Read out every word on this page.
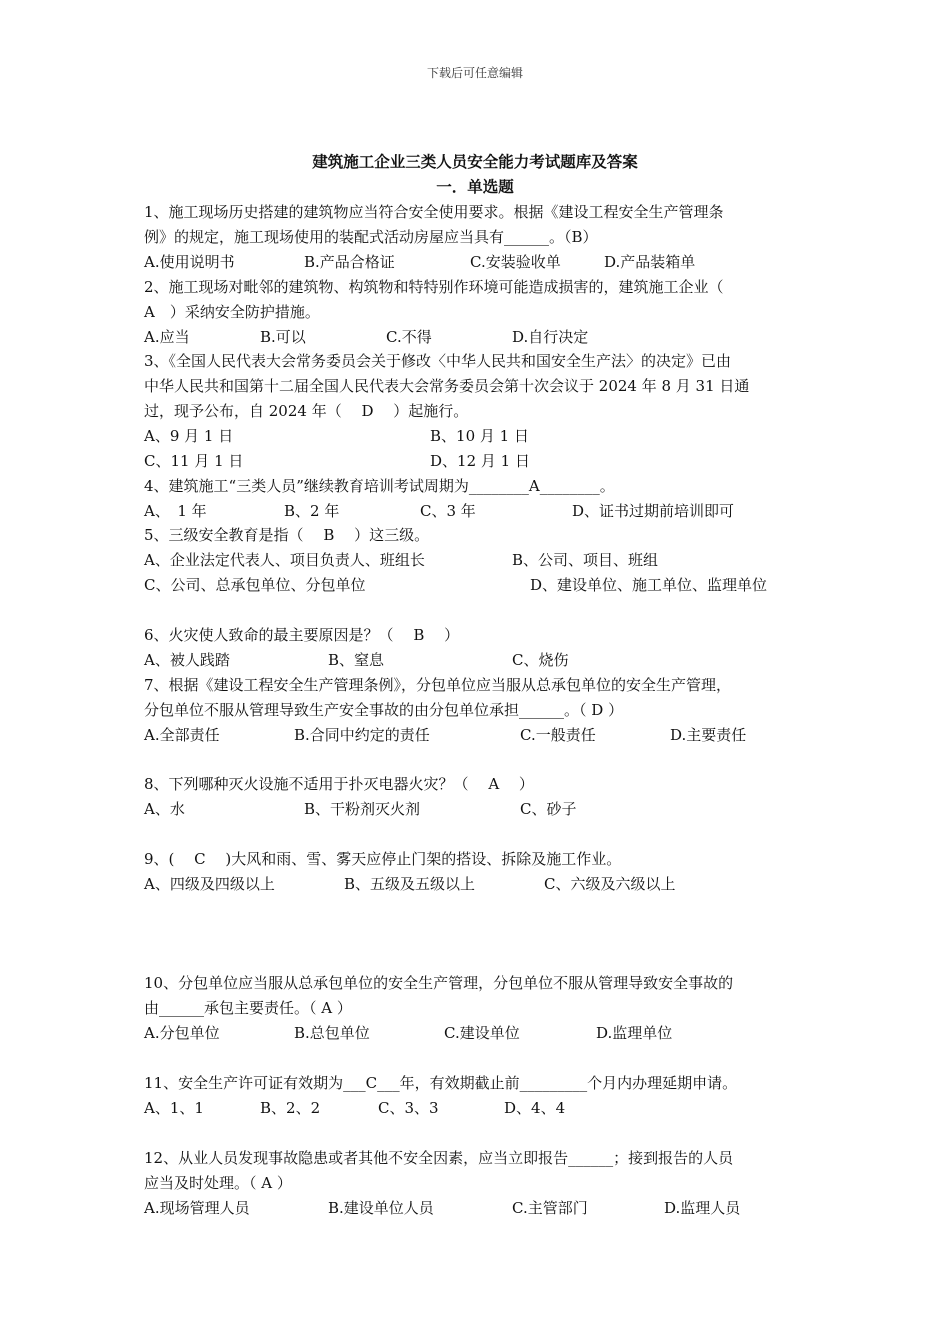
下载后可任意编辑
建筑施工企业三类人员安全能力考试题库及答案
一．单选题
1、施工现场历史搭建的建筑物应当符合安全使用要求。根据《建设工程安全生产管理条
例》的规定，施工现场使用的装配式活动房屋应当具有______。（B）
A.使用说明书	B.产品合格证	C.安装验收单	D.产品装箱单
2、施工现场对毗邻的建筑物、构筑物和特特别作环境可能造成损害的，建筑施工企业（
A　）采纳安全防护措施。
A.应当	B.可以	C.不得	D.自行决定
3、《全国人民代表大会常务委员会关于修改〈中华人民共和国安全生产法〉的决定》已由
中华人民共和国第十二届全国人民代表大会常务委员会第十次会议于 2024 年 8 月 31 日通
过，现予公布，自 2024 年（　 D　 ）起施行。
A、9 月 1 日	B、10 月 1 日
C、11 月 1 日	D、12 月 1 日
4、建筑施工“三类人员”继续教育培训考试周期为________A________。
A、　1 年	B、2 年	C、3 年	D、证书过期前培训即可
5、三级安全教育是指（　 B　 ）这三级。
A、企业法定代表人、项目负责人、班组长	B、公司、项目、班组
C、公司、总承包单位、分包单位	D、建设单位、施工单位、监理单位
6、火灾使人致命的最主要原因是？（　 B　 ）
A、被人践踏	B、窒息	C、烧伤
7、根据《建设工程安全生产管理条例》，分包单位应当服从总承包单位的安全生产管理，
分包单位不服从管理导致生产安全事故的由分包单位承担______。（ D ）
A.全部责任	B.合同中约定的责任	C.一般责任	D.主要责任
8、下列哪种灭火设施不适用于扑灭电器火灾？（　 A　 ）
A、水	B、干粉剂灭火剂	C、砂子
9、(　 C　 )大风和雨、雪、雾天应停止门架的搭设、拆除及施工作业。
A、四级及四级以上	B、五级及五级以上	C、六级及六级以上
10、分包单位应当服从总承包单位的安全生产管理，分包单位不服从管理导致安全事故的
由______承包主要责任。（ A ）
A.分包单位	B.总包单位	C.建设单位	D.监理单位
11、安全生产许可证有效期为___C___年，有效期截止前_________个月内办理延期申请。
A、1、1	B、2、2	C、3、3	D、4、4
12、从业人员发现事故隐患或者其他不安全因素，应当立即报告______；接到报告的人员
应当及时处理。（ A ）
A.现场管理人员	B.建设单位人员	C.主管部门	D.监理人员
